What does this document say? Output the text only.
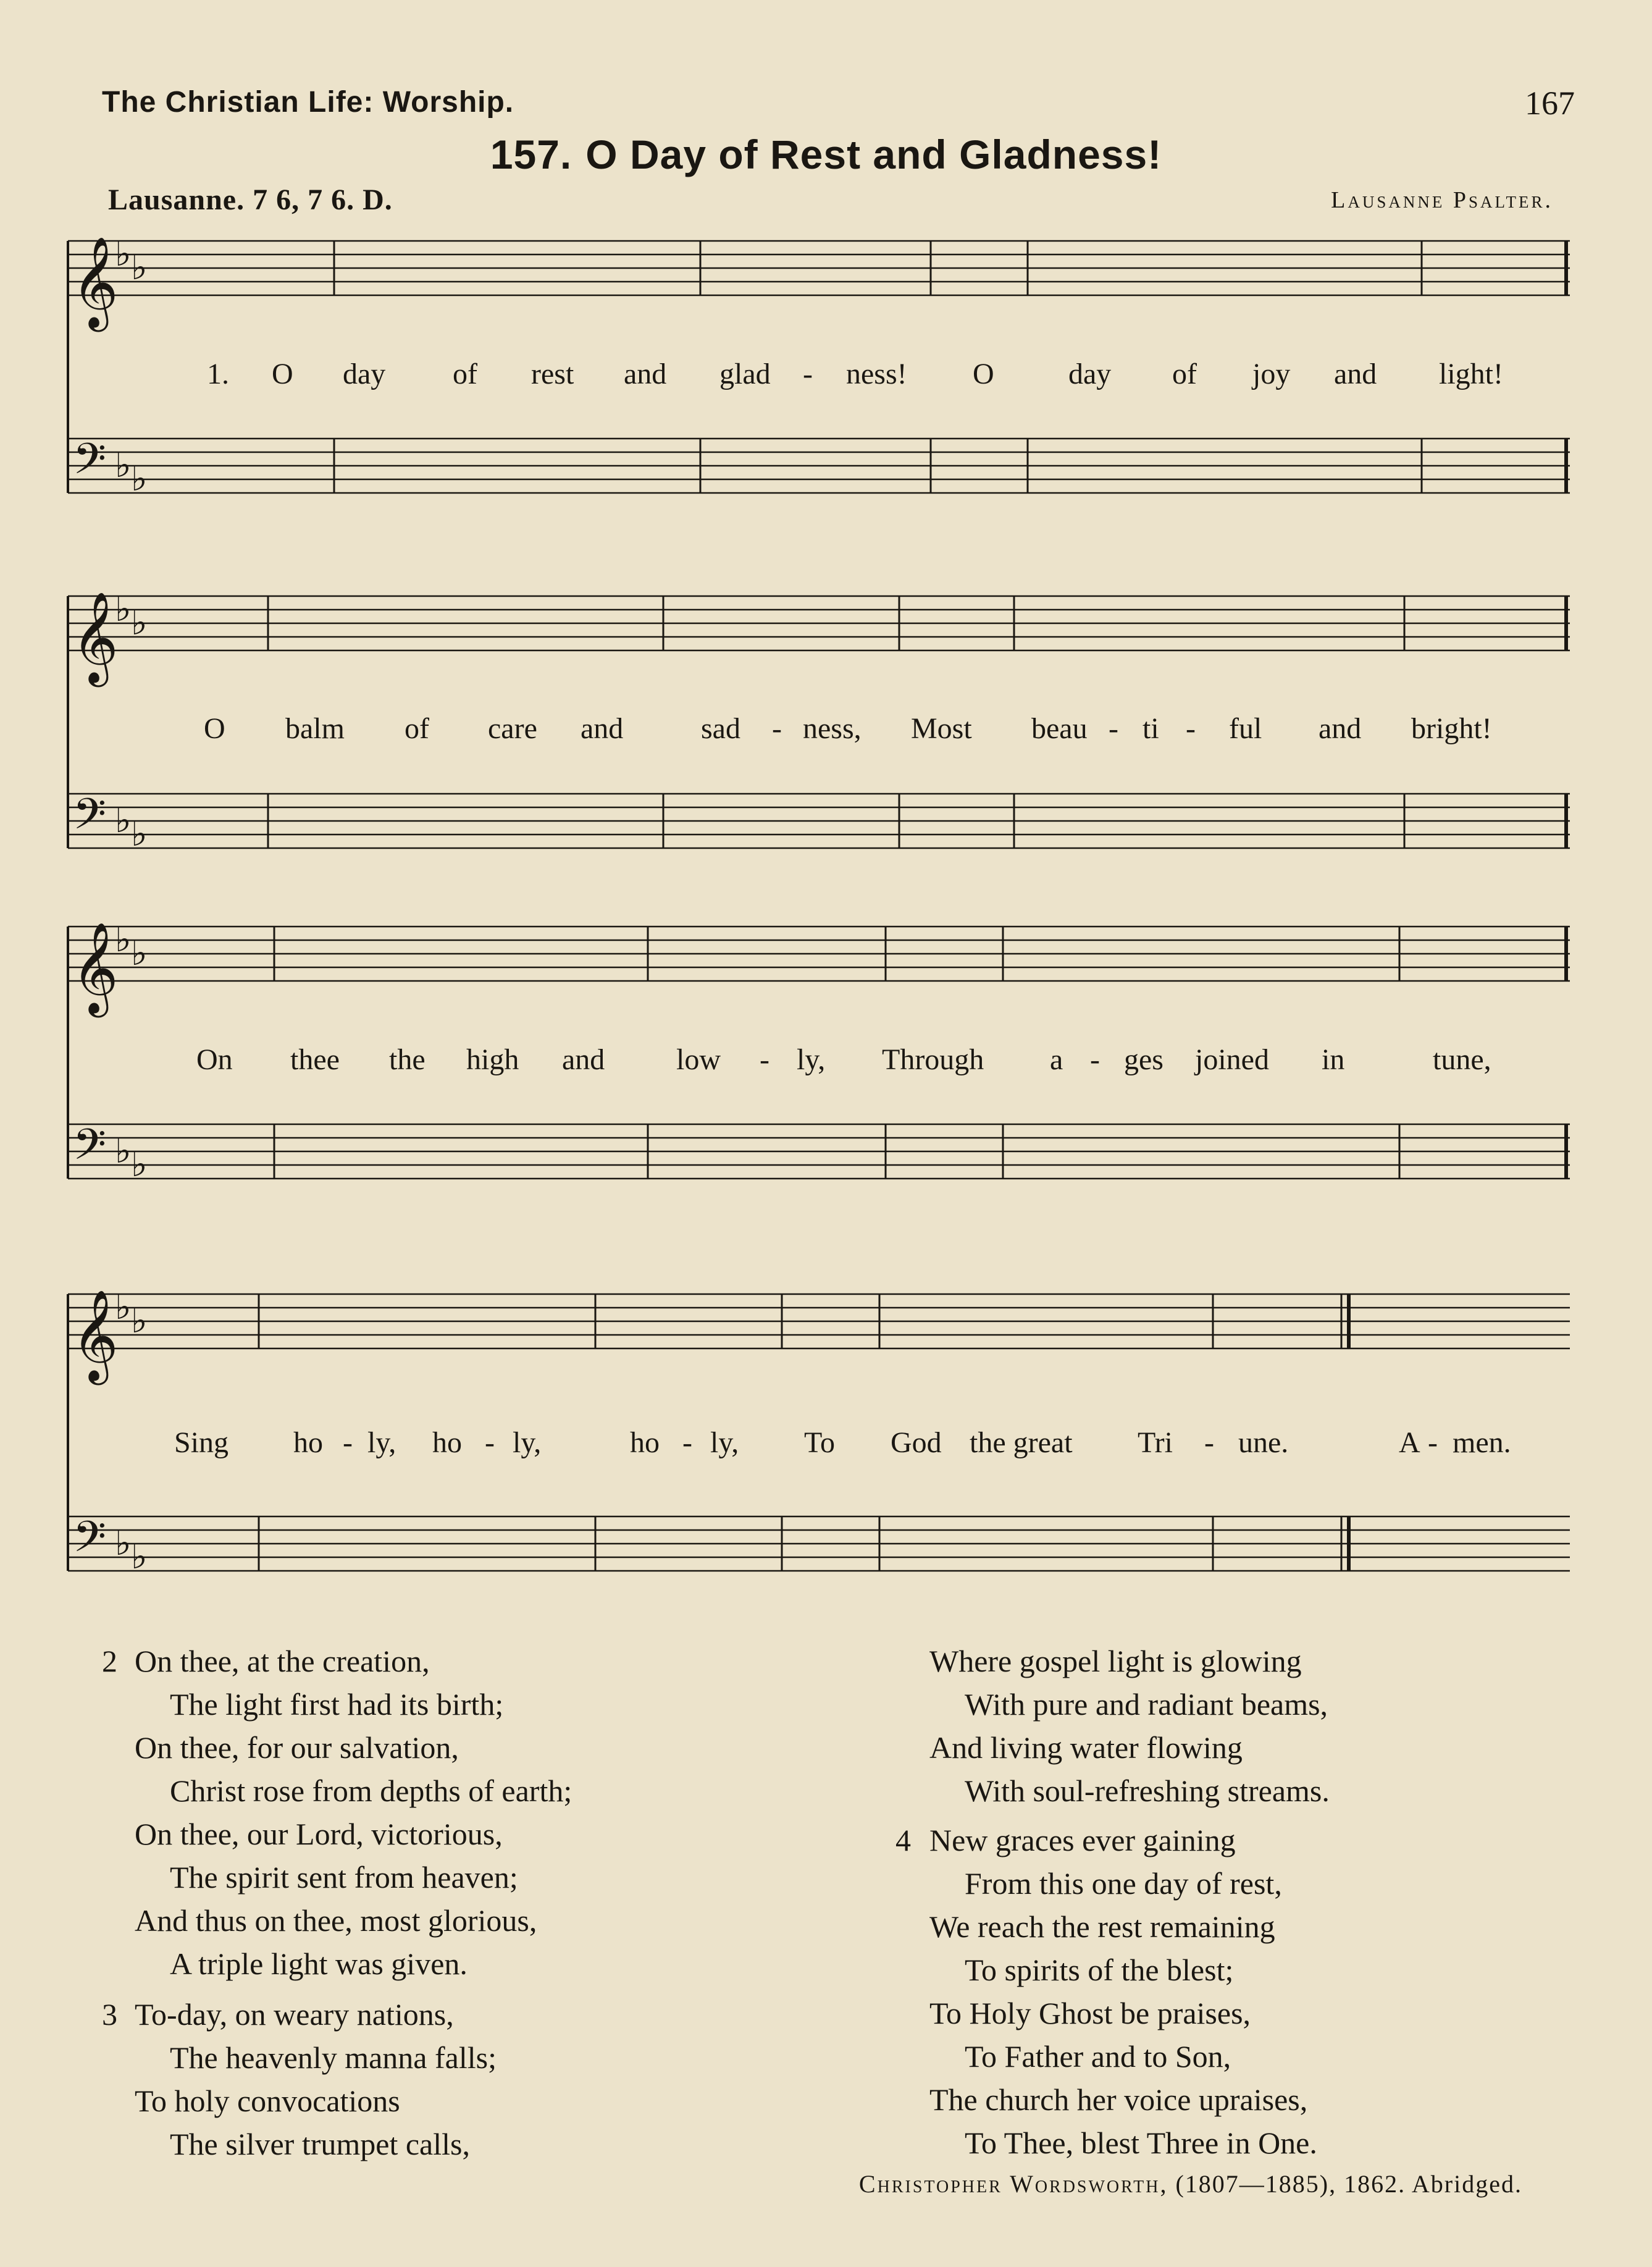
The Christian Life: Worship.	167
157. O Day of Rest and Gladness!
Lausanne. 7 6, 7 6. D.	Lausanne Psalter.
𝄞
𝄢
♭ ♭
♭ ♭
𝄞
𝄢
♭ ♭
♭ ♭
𝄞
𝄢
♭ ♭
♭ ♭
𝄞
𝄢
♭ ♭
♭ ♭
1. O day of rest and glad - ness! O	day of joy and light!
O balm of care and	sad - ness, Most beau - ti - ful and bright!
On thee the high and low - ly, Through a - ges joined in	tune,
Sing ho - ly, ho - ly,	ho - ly, To God the great Tri - une.	A - men.
2 On thee, at the creation,
The light first had its birth;
On thee, for our salvation,
Christ rose from depths of earth;
On thee, our Lord, victorious,
The spirit sent from heaven;
And thus on thee, most glorious,
A triple light was given.
3 To-day, on weary nations,
The heavenly manna falls;
To holy convocations
The silver trumpet calls,
Where gospel light is glowing
With pure and radiant beams,
And living water flowing
With soul-refreshing streams.
4 New graces ever gaining
From this one day of rest,
We reach the rest remaining
To spirits of the blest;
To Holy Ghost be praises,
To Father and to Son,
The church her voice upraises,
To Thee, blest Three in One.
Christopher Wordsworth, (1807—1885), 1862. Abridged.
